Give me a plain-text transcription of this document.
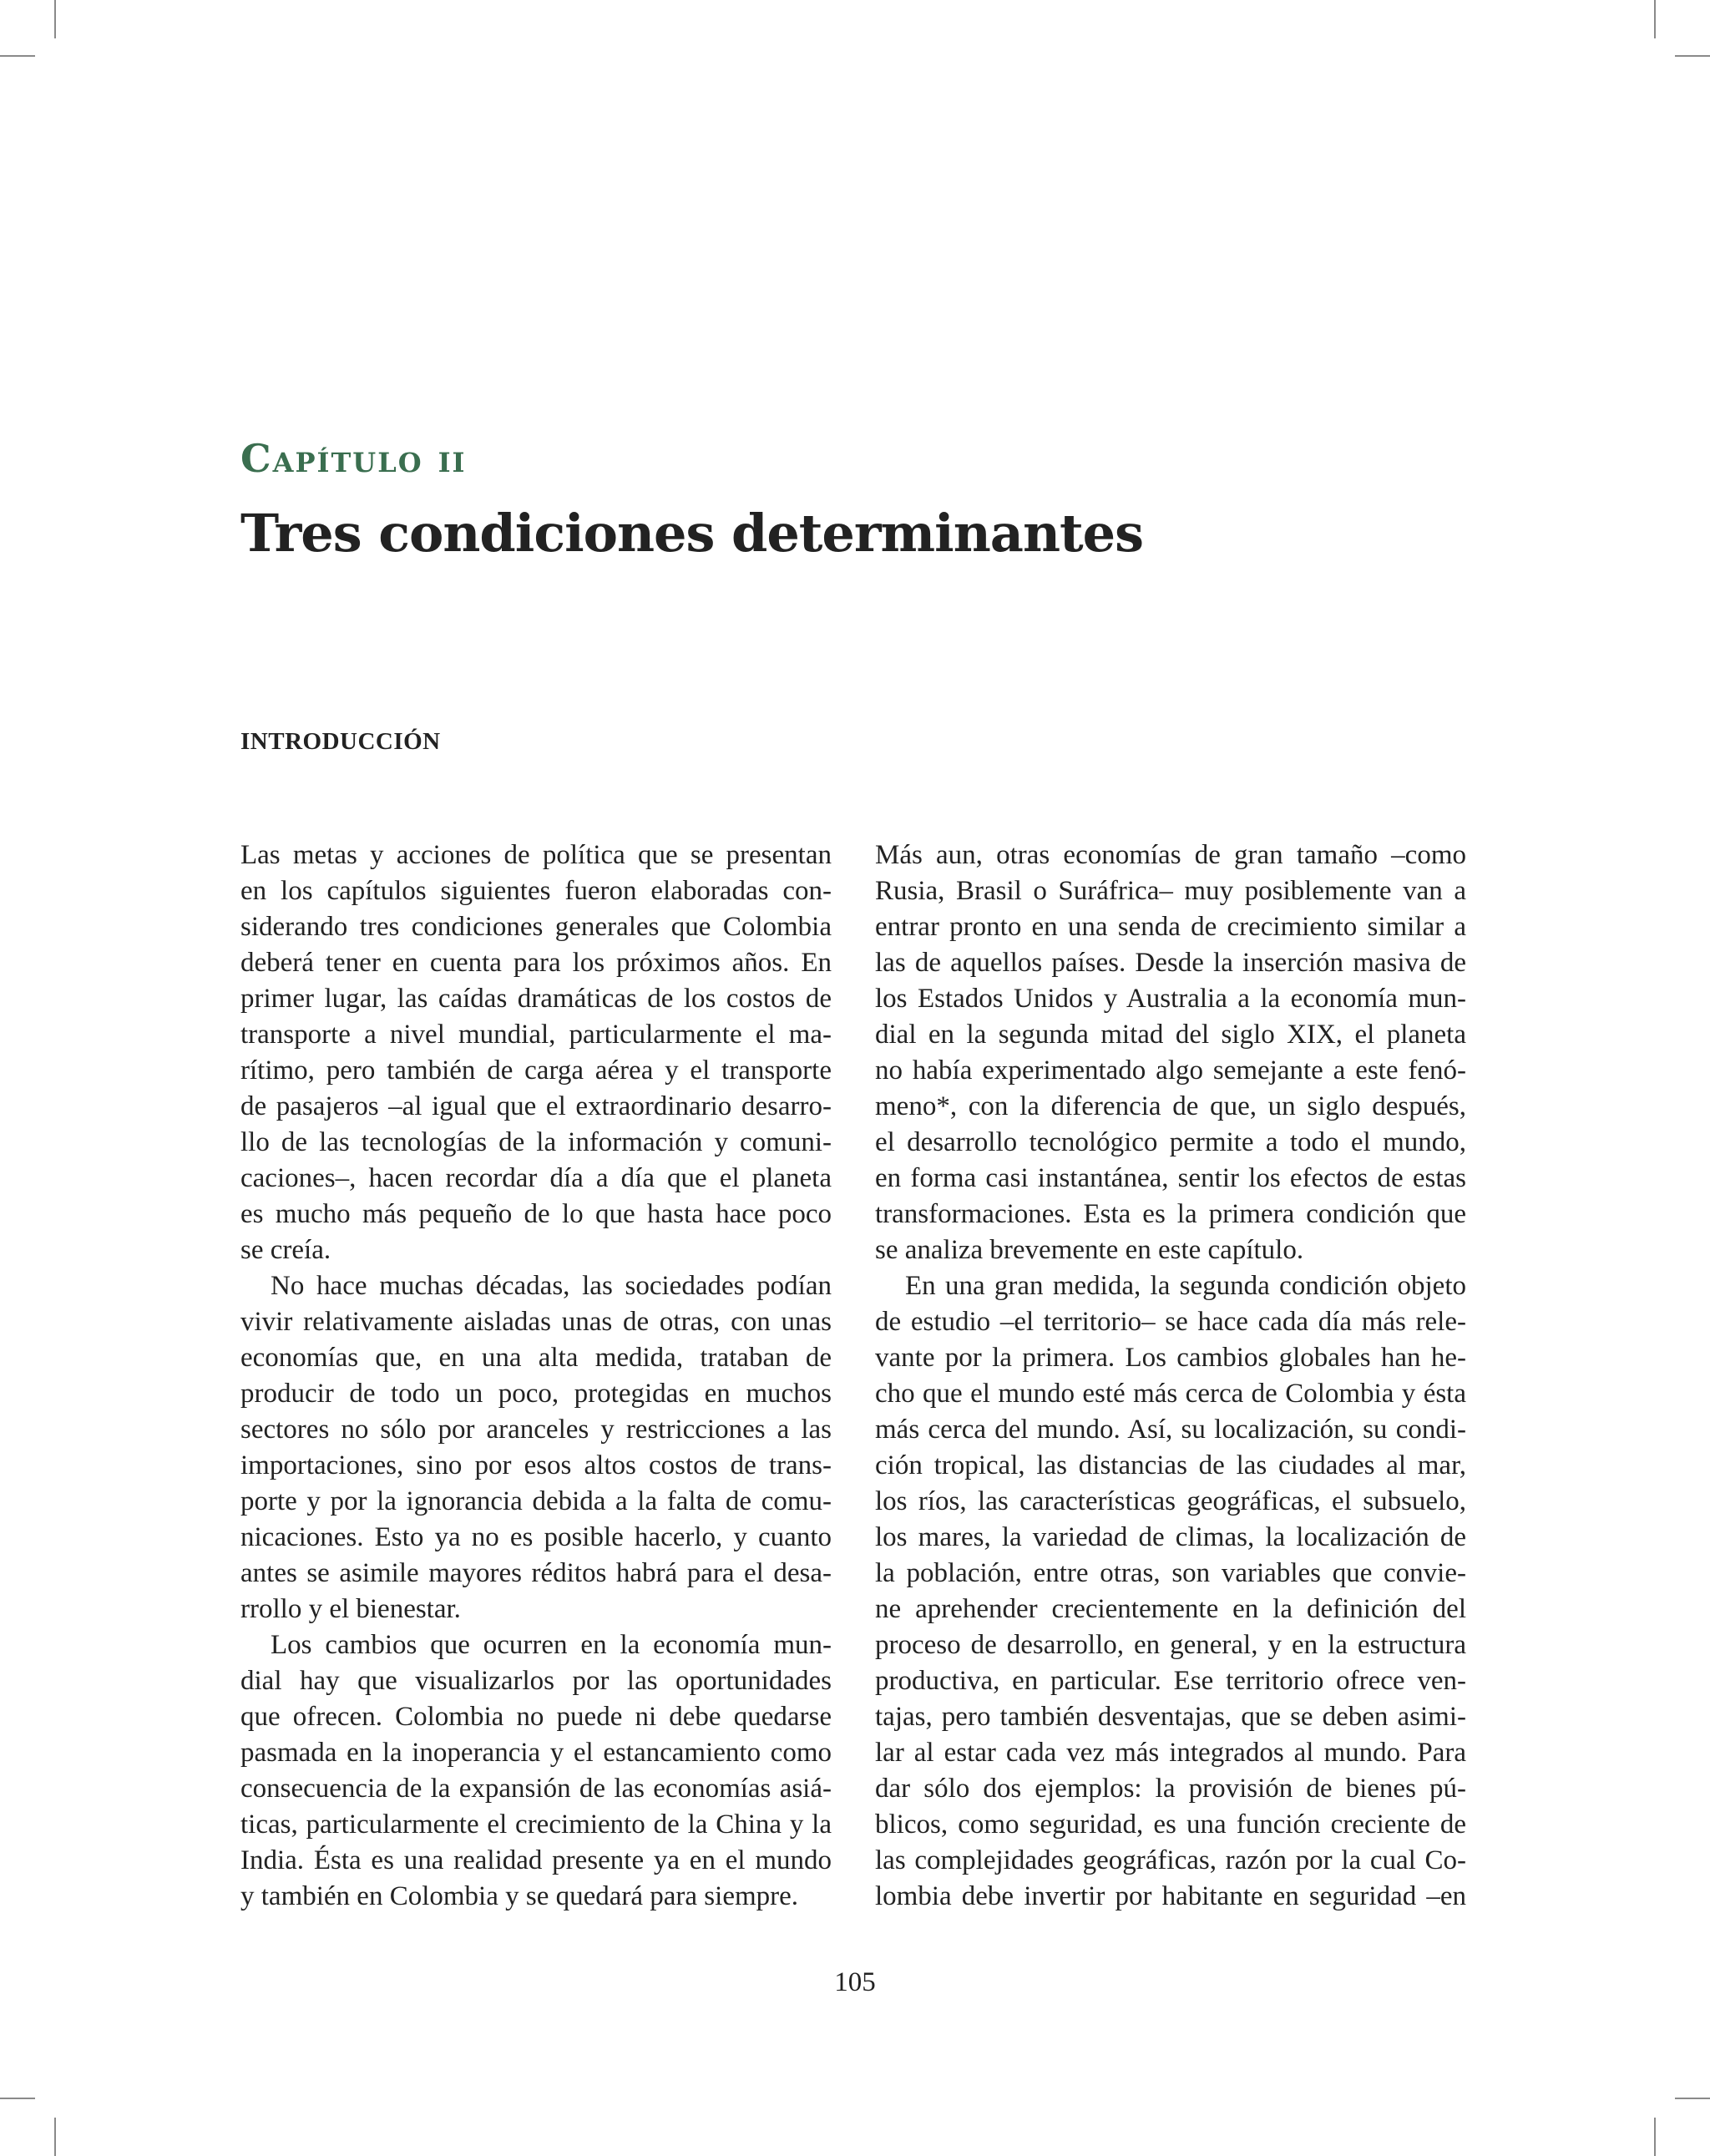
Capítulo ii
Tres condiciones determinantes
INTRODUCCIÓN
Las metas y acciones de política que se presentan
en los capítulos siguientes fueron elaboradas con-
siderando tres condiciones generales que Colombia
deberá tener en cuenta para los próximos años. En
primer lugar, las caídas dramáticas de los costos de
transporte a nivel mundial, particularmente el ma-
rítimo, pero también de carga aérea y el transporte
de pasajeros –al igual que el extraordinario desarro-
llo de las tecnologías de la información y comuni-
caciones–, hacen recordar día a día que el planeta
es mucho más pequeño de lo que hasta hace poco
se creía.
No hace muchas décadas, las sociedades podían
vivir relativamente aisladas unas de otras, con unas
economías que, en una alta medida, trataban de
producir de todo un poco, protegidas en muchos
sectores no sólo por aranceles y restricciones a las
importaciones, sino por esos altos costos de trans-
porte y por la ignorancia debida a la falta de comu-
nicaciones. Esto ya no es posible hacerlo, y cuanto
antes se asimile mayores réditos habrá para el desa-
rrollo y el bienestar.
Los cambios que ocurren en la economía mun-
dial hay que visualizarlos por las oportunidades
que ofrecen. Colombia no puede ni debe quedarse
pasmada en la inoperancia y el estancamiento como
consecuencia de la expansión de las economías asiá-
ticas, particularmente el crecimiento de la China y la
India. Ésta es una realidad presente ya en el mundo
y también en Colombia y se quedará para siempre.
Más aun, otras economías de gran tamaño –como
Rusia, Brasil o Suráfrica– muy posiblemente van a
entrar pronto en una senda de crecimiento similar a
las de aquellos países. Desde la inserción masiva de
los Estados Unidos y Australia a la economía mun-
dial en la segunda mitad del siglo XIX, el planeta
no había experimentado algo semejante a este fenó-
meno*, con la diferencia de que, un siglo después,
el desarrollo tecnológico permite a todo el mundo,
en forma casi instantánea, sentir los efectos de estas
transformaciones. Esta es la primera condición que
se analiza brevemente en este capítulo.
En una gran medida, la segunda condición objeto
de estudio –el territorio– se hace cada día más rele-
vante por la primera. Los cambios globales han he-
cho que el mundo esté más cerca de Colombia y ésta
más cerca del mundo. Así, su localización, su condi-
ción tropical, las distancias de las ciudades al mar,
los ríos, las características geográficas, el subsuelo,
los mares, la variedad de climas, la localización de
la población, entre otras, son variables que convie-
ne aprehender crecientemente en la definición del
proceso de desarrollo, en general, y en la estructura
productiva, en particular. Ese territorio ofrece ven-
tajas, pero también desventajas, que se deben asimi-
lar al estar cada vez más integrados al mundo. Para
dar sólo dos ejemplos: la provisión de bienes pú-
blicos, como seguridad, es una función creciente de
las complejidades geográficas, razón por la cual Co-
lombia debe invertir por habitante en seguridad –en
105
